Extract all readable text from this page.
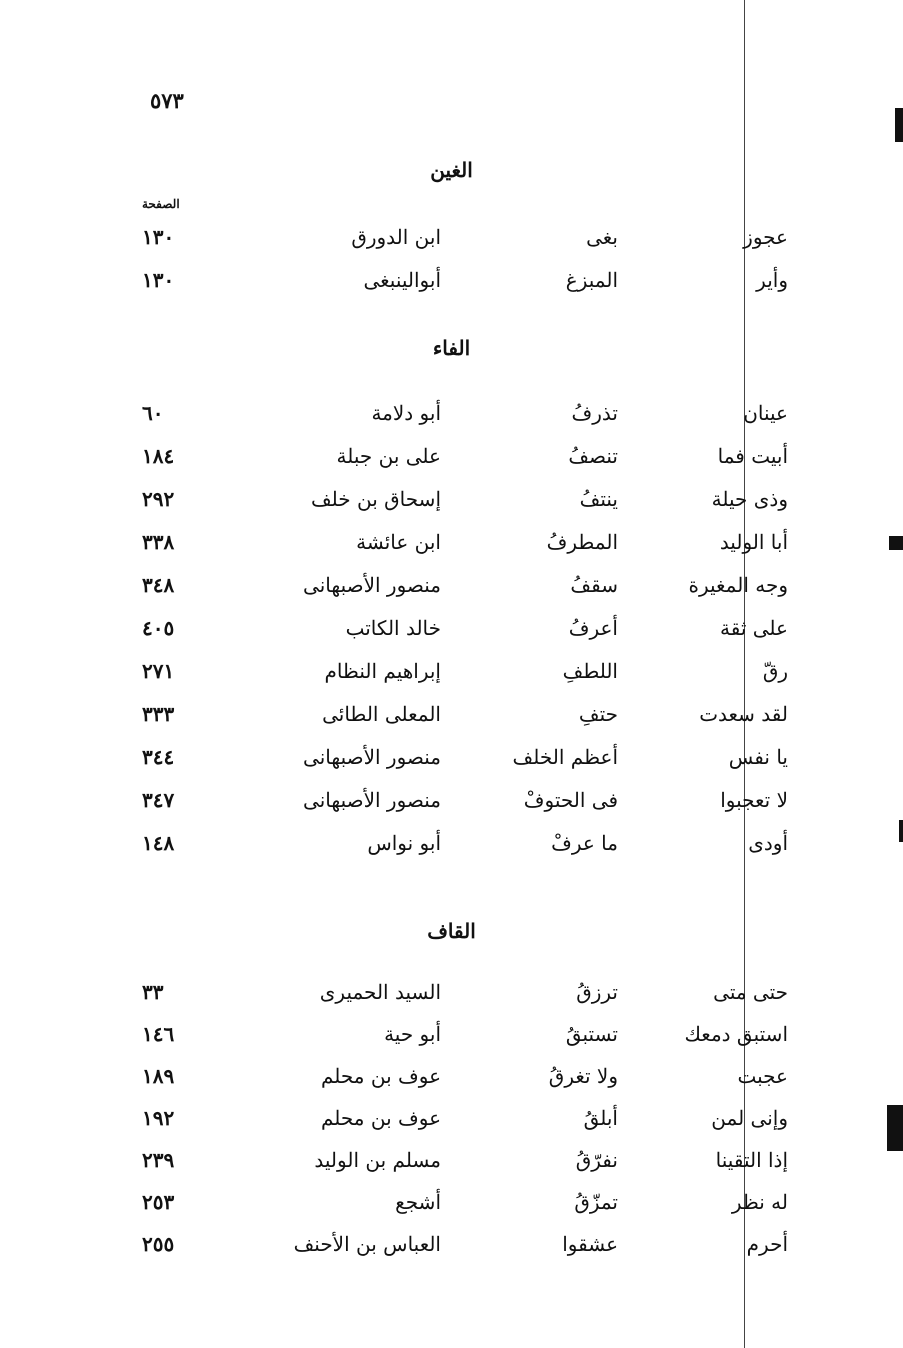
٥٧٣
الغين
الصفحة
عجوز
بغى
ابن الدورق
١٣٠
وأير
المبزغ
أبوالينبغى
١٣٠
الفاء
عينان
تذرفُ
أبو دلامة
٦٠
أبيت فما
تنصفُ
على بن جبلة
١٨٤
وذى حيلة
ينتفُ
إسحاق بن خلف
٢٩٢
أبا الوليد
المطرفُ
ابن عائشة
٣٣٨
وجه المغيرة
سقفُ
منصور الأصبهانى
٣٤٨
على ثقة
أعرفُ
خالد الكاتب
٤٠٥
رقّ
اللطفِ
إبراهيم النظام
٢٧١
لقد سعدت
حتفِ
المعلى الطائى
٣٣٣
يا نفس
أعظم الخلف
منصور الأصبهانى
٣٤٤
لا تعجبوا
فى الحتوفْ
منصور الأصبهانى
٣٤٧
أودى
ما عرفْ
أبو نواس
١٤٨
القاف
حتى متى
ترزقُ
السيد الحميرى
٣٣
استبق دمعك
تستبقُ
أبو حية
١٤٦
عجبت
ولا تغرقُ
عوف بن محلم
١٨٩
وإنى لمن
أبلقُ
عوف بن محلم
١٩٢
إذا التقينا
نفرّقُ
مسلم بن الوليد
٢٣٩
له نظر
تمزّقُ
أشجع
٢٥٣
أحرم
عشقوا
العباس بن الأحنف
٢٥٥
